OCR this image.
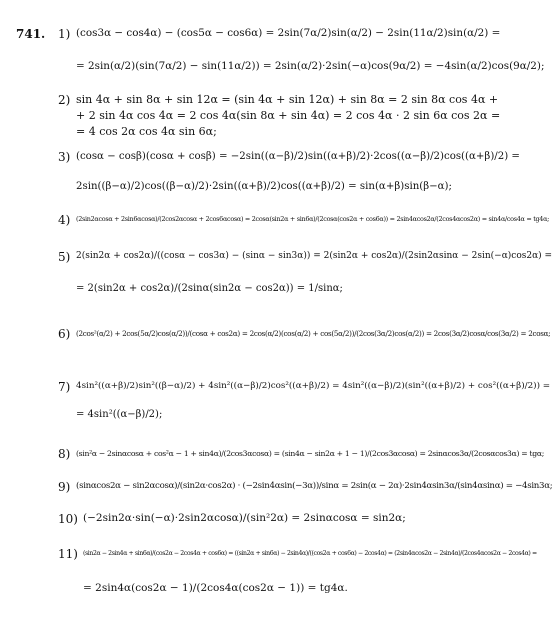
741. 1) (cos3α − cos4α) − (cos5α − cos6α) = 2sin(7α/2)sin(α/2) − 2sin(11α/2)sin(α/2) =
= 2sin(α/2)(sin(7α/2) − sin(11α/2)) = 2sin(α/2)·2sin(−α)cos(9α/2) = −4sin(α/2)cos(9α/2);
2) sin 4α + sin 8α + sin 12α = (sin 4α + sin 12α) + sin 8α = 2 sin 8α cos 4α +
+ 2 sin 4α cos 4α = 2 cos 4α(sin 8α + sin 4α) = 2 cos 4α · 2 sin 6α cos 2α =
= 4 cos 2α cos 4α sin 6α;
3) (cosα − cosβ)(cosα + cosβ) = −2sin((α−β)/2)sin((α+β)/2)·2cos((α−β)/2)cos((α+β)/2) =
2sin((β−α)/2)cos((β−α)/2)·2sin((α+β)/2)cos((α+β)/2) = sin(α+β)sin(β−α);
4) (2sin2αcosα + 2sin6αcosα)/(2cos2αcosα + 2cos6αcosα) = 2cosα(sin2α + sin6α)/(2cosα(cos2α + cos6α)) = 2sin4αcos2α/(2cos4αcos2α) = sin4α/cos4α = tg4α;
5) 2(sin2α + cos2α)/((cosα − cos3α) − (sinα − sin3α)) = 2(sin2α + cos2α)/(2sin2αsinα − 2sin(−α)cos2α) =
= 2(sin2α + cos2α)/(2sinα(sin2α − cos2α)) = 1/sinα;
6) (2cos²(α/2) + 2cos(5α/2)cos(α/2))/(cosα + cos2α) = 2cos(α/2)(cos(α/2) + cos(5α/2))/(2cos(3α/2)cos(α/2)) = 2cos(3α/2)cosα/cos(3α/2) = 2cosα;
7) 4sin²((α+β)/2)sin²((β−α)/2) + 4sin²((α−β)/2)cos²((α+β)/2) = 4sin²((α−β)/2)(sin²((α+β)/2) + cos²((α+β)/2)) =
= 4sin²((α−β)/2);
8) (sin²α − 2sinαcosα + cos²α − 1 + sin4α)/(2cos3αcosα) = (sin4α − sin2α + 1 − 1)/(2cos3αcosα) = 2sinαcos3α/(2cosαcos3α) = tgα;
9) (sinαcos2α − sin2αcosα)/(sin2α·cos2α) · (−2sin4αsin(−3α))/sinα = 2sin(α − 2α)·2sin4αsin3α/(sin4αsinα) = −4sin3α;
10) (−2sin2α·sin(−α)·2sin2αcosα)/(sin²2α) = 2sinαcosα = sin2α;
11) (sin2α − 2sin4α + sin6α)/(cos2α − 2cos4α + cos6α) = ((sin2α + sin6α) − 2sin4α)/((cos2α + cos6α) − 2cos4α) = (2sin4αcos2α − 2sin4α)/(2cos4αcos2α − 2cos4α) =
= 2sin4α(cos2α − 1)/(2cos4α(cos2α − 1)) = tg4α.
